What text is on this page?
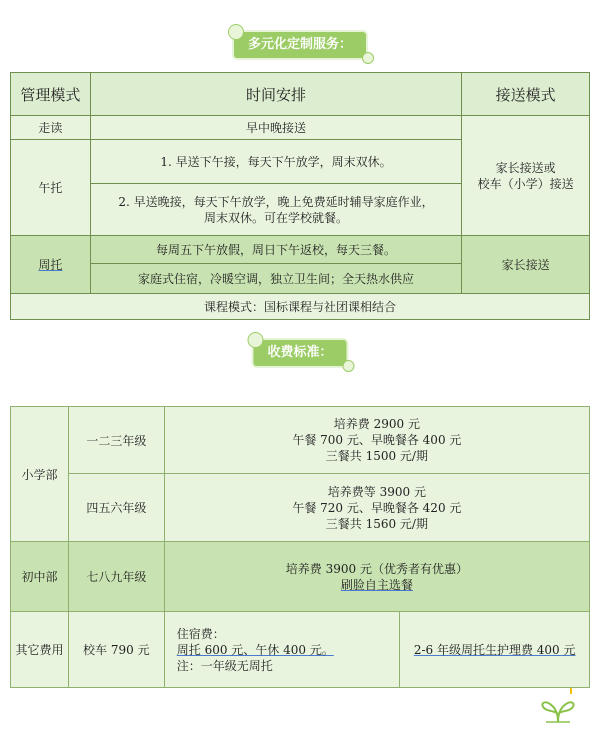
多元化定制服务：
管理模式	时间安排	接送模式
走读	早中晚接送	家长接送或
校车（小学）接送

午托	1. 早送下午接，每天下午放学，周末双休。	

	2. 早送晚接，每天下午放学，晚上免费延时辅导家庭作业，
周末双休。可在学校就餐。	

周托	每周五下午放假，周日下午返校，每天三餐。	家长接送
	家庭式住宿，冷暖空调，独立卫生间；全天热水供应	
课程模式：国标课程与社团课相结合		
收费标准：
小学部	一二三年级	培养费 2900 元
午餐 700 元、早晚餐各 400 元
三餐共 1500 元/期	

	四五六年级	培养费等 3900 元
午餐 720 元、早晚餐各 420 元
三餐共 1560 元/期	

初中部	七八九年级	培养费 3900 元（优秀者有优惠）
刷脸自主选餐	

其它费用	校车 790 元	住宿费：
周托 600 元、午休 400 元。
注：一年级无周托	2-6 年级周托生护理费 400 元
